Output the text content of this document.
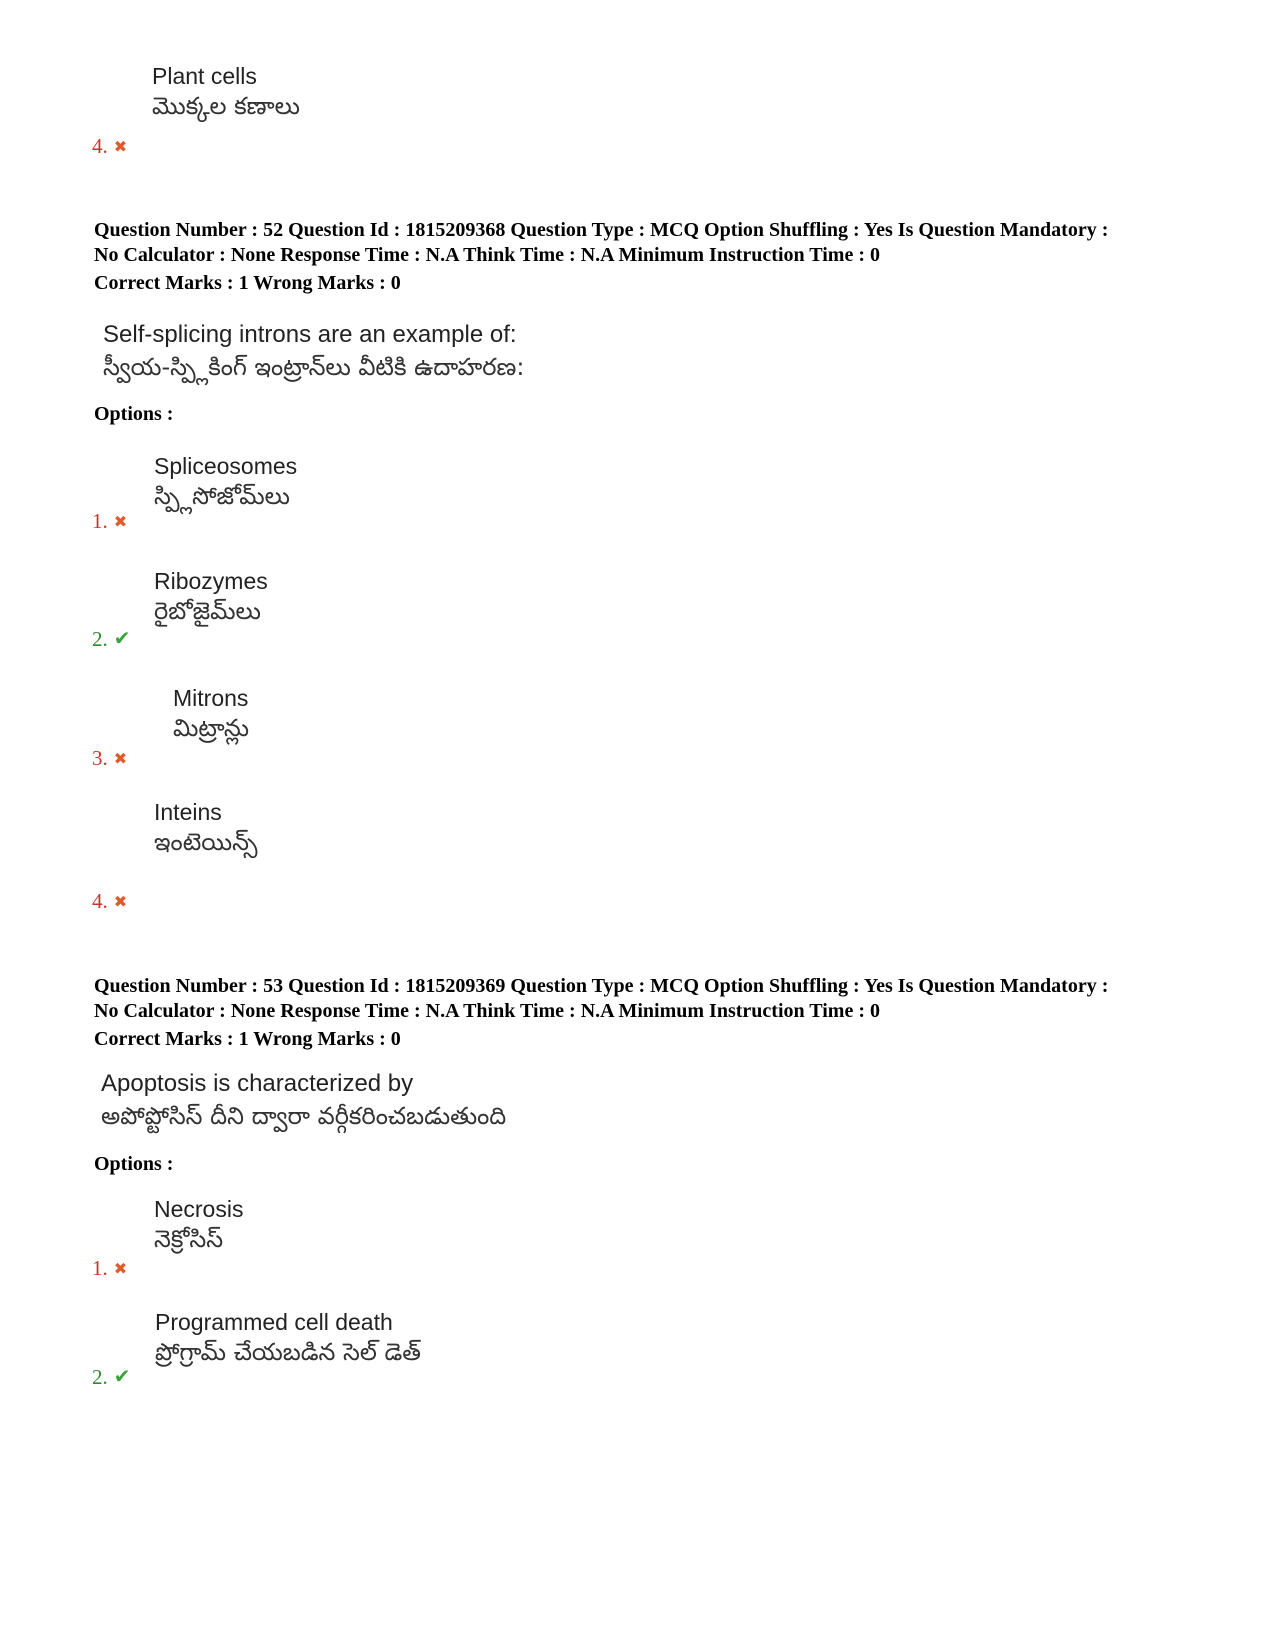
Plant cells
మొక్కల కణాలు
4. ✖
Question Number : 52 Question Id : 1815209368 Question Type : MCQ Option Shuffling : Yes Is Question Mandatory :
No Calculator : None Response Time : N.A Think Time : N.A Minimum Instruction Time : 0
Correct Marks : 1 Wrong Marks : 0
Self-splicing introns are an example of:
స్వీయ-స్ప్లికింగ్ ఇంట్రాన్‌లు వీటికి ఉదాహరణ:
Options :
Spliceosomes
స్ప్లిసోజోమ్‌లు
1. ✖
Ribozymes
రైబోజైమ్‌లు
2. ✔
Mitrons
మిట్రాన్లు
3. ✖
Inteins
ఇంటెయిన్స్
4. ✖
Question Number : 53 Question Id : 1815209369 Question Type : MCQ Option Shuffling : Yes Is Question Mandatory :
No Calculator : None Response Time : N.A Think Time : N.A Minimum Instruction Time : 0
Correct Marks : 1 Wrong Marks : 0
Apoptosis is characterized by
అపోప్టోసిస్ దీని ద్వారా వర్గీకరించబడుతుంది
Options :
Necrosis
నెక్రోసిస్
1. ✖
Programmed cell death
ప్రోగ్రామ్ చేయబడిన సెల్ డెత్
2. ✔
